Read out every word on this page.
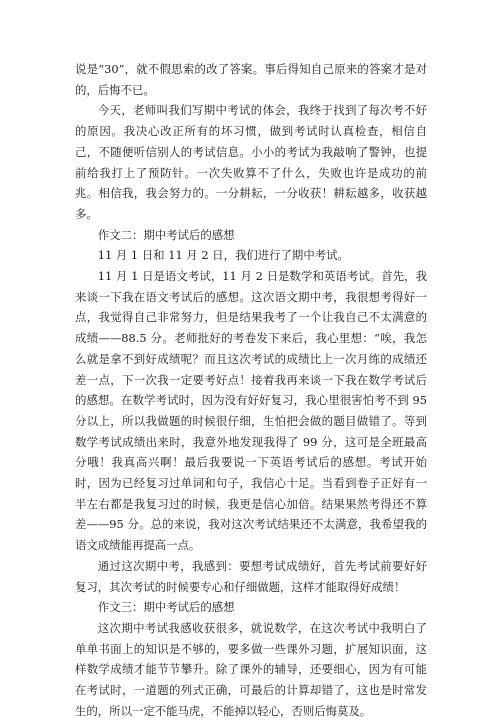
说是“30”，就不假思索的改了答案。事后得知自己原来的答案才是对的，后悔不已。

今天，老师叫我们写期中考试的体会，我终于找到了每次考不好的原因。我决心改正所有的坏习惯，做到考试时认真检查，相信自己，不随便听信别人的考试信息。小小的考试为我敲响了警钟，也提前给我打上了预防针。一次失败算不了什么，失败也许是成功的前兆。相信我，我会努力的。一分耕耘，一分收获！耕耘越多，收获越多。

作文二：期中考试后的感想

11 月 1 日和 11 月 2 日，我们进行了期中考试。

11 月 1 日是语文考试，11 月 2 日是数学和英语考试。首先，我来谈一下我在语文考试后的感想。这次语文期中考，我很想考得好一点，我觉得自己非常努力，但是结果我考了一个让我自己不太满意的成绩——88.5 分。老师批好的考卷发下来后，我心里想：“唉，我怎么就是拿不到好成绩呢？而且这次考试的成绩比上一次月练的成绩还差一点，下一次我一定要考好点！接着我再来谈一下我在数学考试后的感想。在数学考试时，因为没有好好复习，我心里很害怕考不到 95 分以上，所以我做题的时候很仔细，生怕把会做的题目做错了。等到数学考试成绩出来时，我意外地发现我得了 99 分，这可是全班最高分哦！我真高兴啊！最后我要说一下英语考试后的感想。考试开始时，因为已经复习过单词和句子，我信心十足。当看到卷子正好有一半左右都是我复习过的时候，我更是信心加倍。结果果然考得还不算差——95 分。总的来说，我对这次考试结果还不太满意，我希望我的语文成绩能再提高一点。

通过这次期中考，我感到：要想考试成绩好，首先考试前要好好复习，其次考试的时候要专心和仔细做题，这样才能取得好成绩！

作文三：期中考试后的感想

这次期中考试我感收获很多，就说数学，在这次考试中我明白了单单书面上的知识是不够的，要多做一些课外习题，扩展知识面，这样数学成绩才能节节攀升。除了课外的辅导，还要细心，因为有可能在考试时，一道题的列式正确，可最后的计算却错了，这也是时常发生的，所以一定不能马虎，不能掉以轻心，否则后悔莫及。
